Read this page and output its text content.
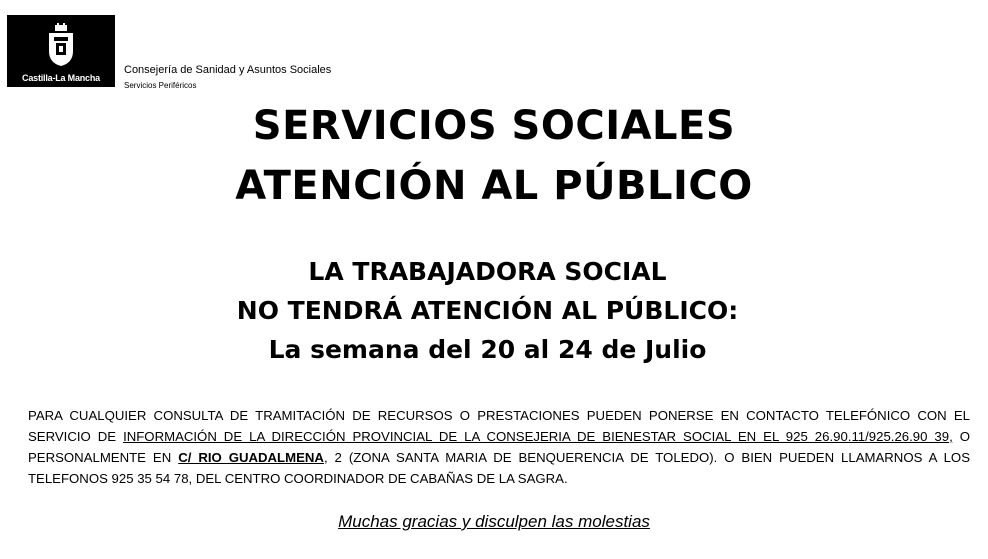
Castilla-La Mancha
Consejería de Sanidad y Asuntos Sociales
Servicios Periféricos
SERVICIOS SOCIALES
ATENCIÓN AL PÚBLICO
LA TRABAJADORA SOCIAL
NO TENDRÁ ATENCIÓN AL PÚBLICO:
La semana del 20 al 24 de Julio
PARA CUALQUIER CONSULTA DE TRAMITACIÓN DE RECURSOS O PRESTACIONES PUEDEN PONERSE EN CONTACTO TELEFÓNICO CON EL SERVICIO DE INFORMACIÓN DE LA DIRECCIÓN PROVINCIAL DE LA CONSEJERIA DE BIENESTAR SOCIAL EN EL 925 26.90.11/925.26.90 39, O PERSONALMENTE EN C/ RIO GUADALMENA, 2 (ZONA SANTA MARIA DE BENQUERENCIA DE TOLEDO). O BIEN PUEDEN LLAMARNOS A LOS TELEFONOS 925 35 54 78, DEL CENTRO COORDINADOR DE CABAÑAS DE LA SAGRA.
Muchas gracias y disculpen las molestias
